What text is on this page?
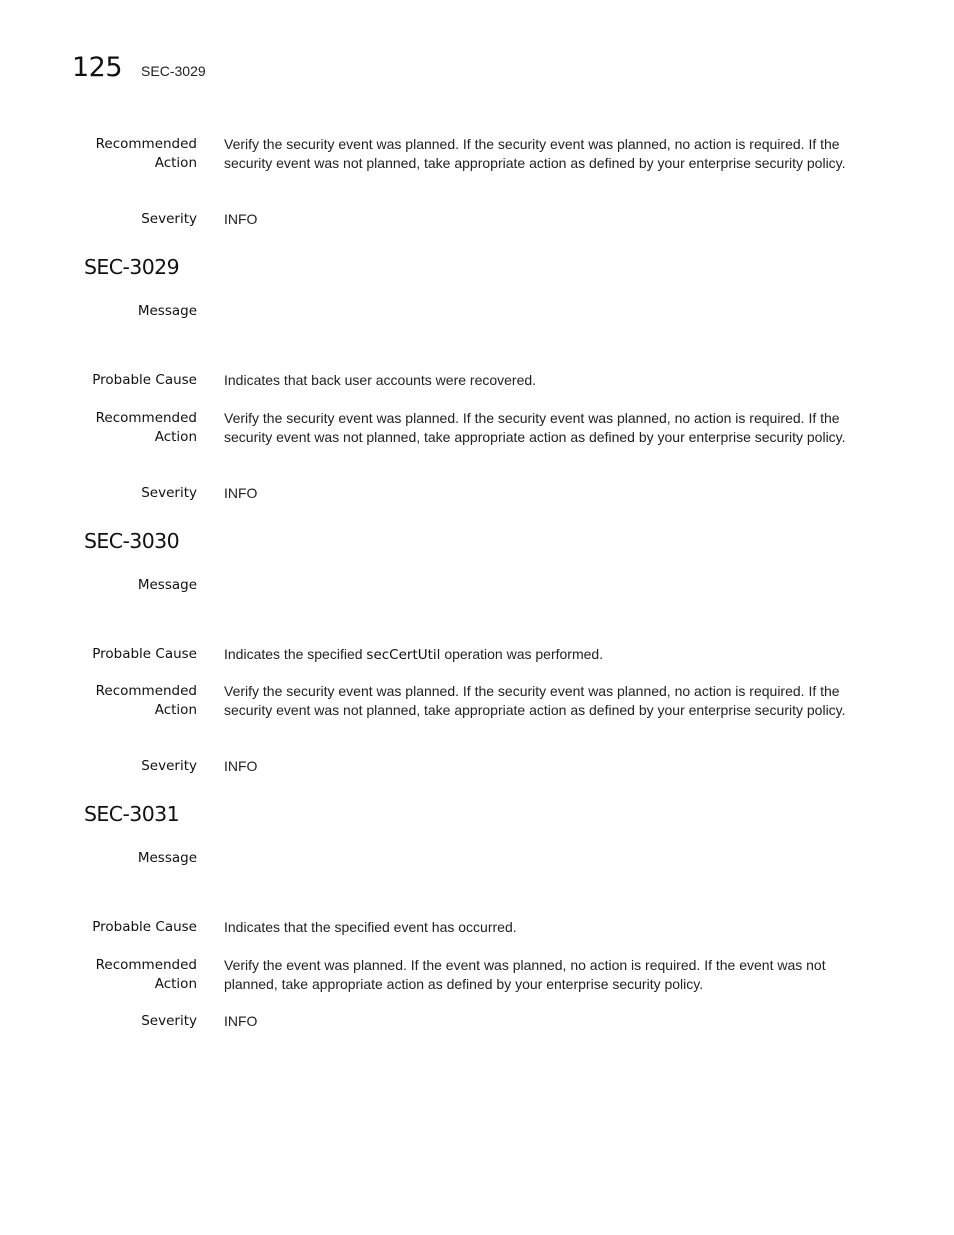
125 SEC-3029
Recommended Action
Verify the security event was planned. If the security event was planned, no action is required. If the security event was not planned, take appropriate action as defined by your enterprise security policy.
Severity INFO
SEC-3029
Message
Probable Cause Indicates that back user accounts were recovered.
Recommended Action
Verify the security event was planned. If the security event was planned, no action is required. If the security event was not planned, take appropriate action as defined by your enterprise security policy.
Severity INFO
SEC-3030
Message
Probable Cause Indicates the specified secCertUtil operation was performed.
Recommended Action
Verify the security event was planned. If the security event was planned, no action is required. If the security event was not planned, take appropriate action as defined by your enterprise security policy.
Severity INFO
SEC-3031
Message
Probable Cause Indicates that the specified event has occurred.
Recommended Action
Verify the event was planned. If the event was planned, no action is required. If the event was not planned, take appropriate action as defined by your enterprise security policy.
Severity INFO
